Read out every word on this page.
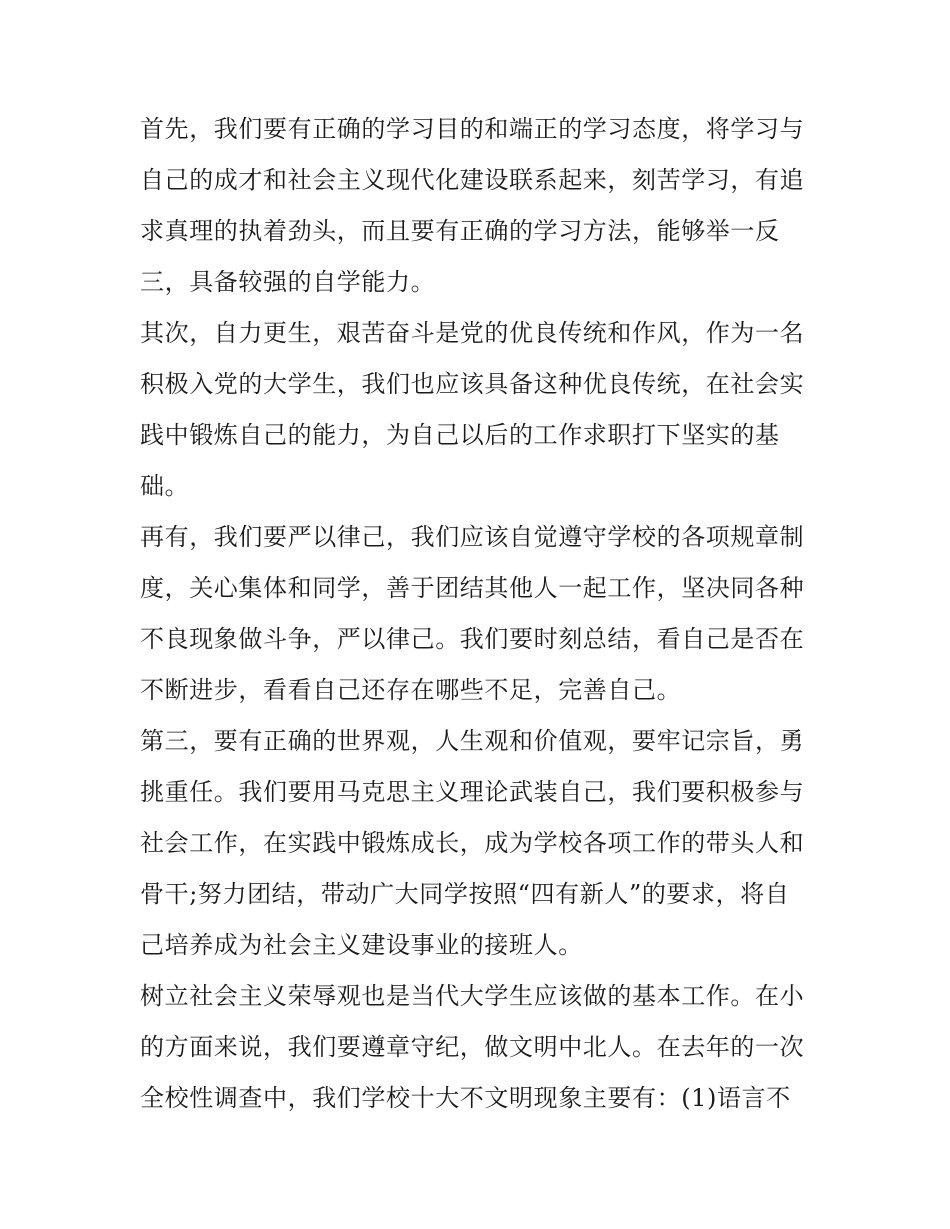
首先，我们要有正确的学习目的和端正的学习态度，将学习与
自己的成才和社会主义现代化建设联系起来，刻苦学习，有追
求真理的执着劲头，而且要有正确的学习方法，能够举一反
三，具备较强的自学能力。
其次，自力更生，艰苦奋斗是党的优良传统和作风，作为一名
积极入党的大学生，我们也应该具备这种优良传统，在社会实
践中锻炼自己的能力，为自己以后的工作求职打下坚实的基
础。
再有，我们要严以律己，我们应该自觉遵守学校的各项规章制
度，关心集体和同学，善于团结其他人一起工作，坚决同各种
不良现象做斗争，严以律己。我们要时刻总结，看自己是否在
不断进步，看看自己还存在哪些不足，完善自己。
第三，要有正确的世界观，人生观和价值观，要牢记宗旨，勇
挑重任。我们要用马克思主义理论武装自己，我们要积极参与
社会工作，在实践中锻炼成长，成为学校各项工作的带头人和
骨干;努力团结，带动广大同学按照“四有新人”的要求，将自
己培养成为社会主义建设事业的接班人。
树立社会主义荣辱观也是当代大学生应该做的基本工作。在小
的方面来说，我们要遵章守纪，做文明中北人。在去年的一次
全校性调查中，我们学校十大不文明现象主要有：(1)语言不
